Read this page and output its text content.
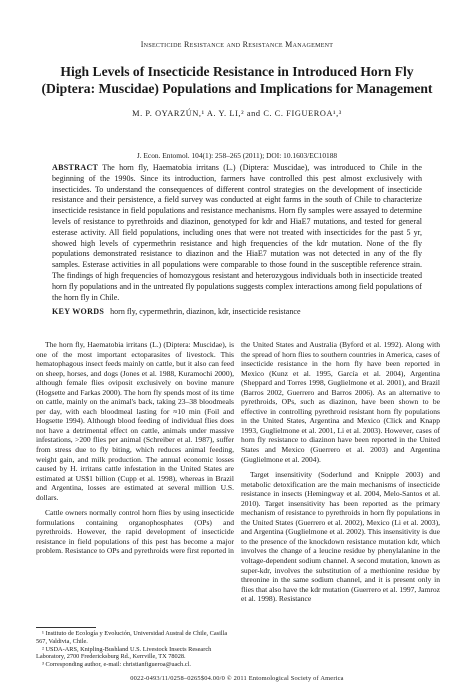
Insecticide Resistance and Resistance Management
High Levels of Insecticide Resistance in Introduced Horn Fly (Diptera: Muscidae) Populations and Implications for Management
M. P. OYARZÚN,¹ A. Y. LI,² and C. C. FIGUEROA¹,³
J. Econ. Entomol. 104(1): 258–265 (2011); DOI: 10.1603/EC10188

ABSTRACT The horn fly, Haematobia irritans (L.) (Diptera: Muscidae), was introduced to Chile in the beginning of the 1990s. Since its introduction, farmers have controlled this pest almost exclusively with insecticides. To understand the consequences of different control strategies on the development of insecticide resistance and their persistence, a field survey was conducted at eight farms in the south of Chile to characterize insecticide resistance in field populations and resistance mechanisms. Horn fly samples were assayed to determine levels of resistance to pyrethroids and diazinon, genotyped for kdr and HiaE7 mutations, and tested for general esterase activity. All field populations, including ones that were not treated with insecticides for the past 5 yr, showed high levels of cypermethrin resistance and high frequencies of the kdr mutation. None of the fly populations demonstrated resistance to diazinon and the HiaE7 mutation was not detected in any of the fly samples. Esterase activities in all populations were comparable to those found in the susceptible reference strain. The findings of high frequencies of homozygous resistant and heterozygous individuals both in insecticide treated horn fly populations and in the untreated fly populations suggests complex interactions among field populations of the horn fly in Chile.

KEY WORDS horn fly, cypermethrin, diazinon, kdr, insecticide resistance

The horn fly, Haematobia irritans (L.) (Diptera: Muscidae), is one of the most important ectoparasites of livestock. This hematophagous insect feeds mainly on cattle, but it also can feed on sheep, horses, and dogs (Jones et al. 1988, Kuramochi 2000), although female flies oviposit exclusively on bovine manure (Hogsette and Farkas 2000). The horn fly spends most of its time on cattle, mainly on the animal's back, taking 23–38 bloodmeals per day, with each bloodmeal lasting for ≈10 min (Foil and Hogsette 1994). Although blood feeding of individual flies does not have a detrimental effect on cattle, animals under massive infestations, >200 flies per animal (Schreiber et al. 1987), suffer from stress due to fly biting, which reduces animal feeding, weight gain, and milk production. The annual economic losses caused by H. irritans cattle infestation in the United States are estimated at US$1 billion (Cupp et al. 1998), whereas in Brazil and Argentina, losses are estimated at several million U.S. dollars.

Cattle owners normally control horn flies by using insecticide formulations containing organophosphates (OPs) and pyrethroids. However, the rapid development of insecticide resistance in field populations of this pest has become a major problem. Resistance to OPs and pyrethroids were first reported in

the United States and Australia (Byford et al. 1992). Along with the spread of horn flies to southern countries in America, cases of insecticide resistance in the horn fly have been reported in Mexico (Kunz et al. 1995, García et al. 2004), Argentina (Sheppard and Torres 1998, Guglielmone et al. 2001), and Brazil (Barros 2002, Guerrero and Barros 2006). As an alternative to pyrethroids, OPs, such as diazinon, have been shown to be effective in controlling pyrethroid resistant horn fly populations in the United States, Argentina and Mexico (Click and Knapp 1993, Guglielmone et al. 2001, Li et al. 2003). However, cases of horn fly resistance to diazinon have been reported in the United States and Mexico (Guerrero et al. 2003) and Argentina (Guglielmone et al. 2004).

Target insensitivity (Soderlund and Knipple 2003) and metabolic detoxification are the main mechanisms of insecticide resistance in insects (Hemingway et al. 2004, Melo-Santos et al. 2010). Target insensitivity has been reported as the primary mechanism of resistance to pyrethroids in horn fly populations in the United States (Guerrero et al. 2002), Mexico (Li et al. 2003), and Argentina (Guglielmone et al. 2002). This insensitivity is due to the presence of the knockdown resistance mutation kdr, which involves the change of a leucine residue by phenylalanine in the voltage-dependent sodium channel. A second mutation, known as super-kdr, involves the substitution of a methionine residue by threonine in the same sodium channel, and it is present only in flies that also have the kdr mutation (Guerrero et al. 1997, Jamroz et al. 1998). Resistance

¹ Instituto de Ecología y Evolución, Universidad Austral de Chile, Casilla 567, Valdivia, Chile.
² USDA-ARS, Knipling-Bushland U.S. Livestock Insects Research Laboratory, 2700 Fredericksburg Rd., Kerrville, TX 78028.
³ Corresponding author, e-mail: christianfigueroa@uach.cl.
0022-0493/11/0258–0265$04.00/0 © 2011 Entomological Society of America
